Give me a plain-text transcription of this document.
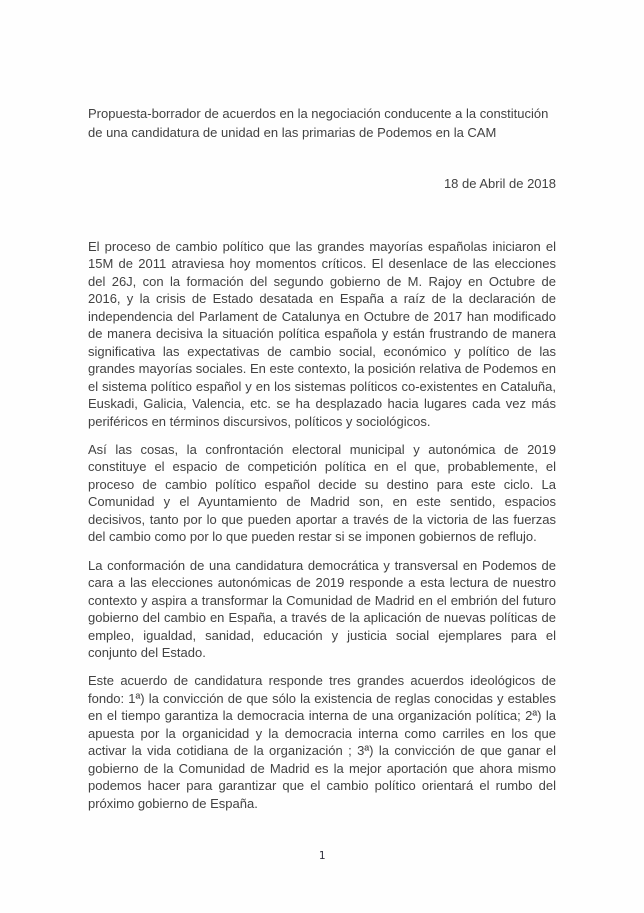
Propuesta-borrador de acuerdos en la negociación conducente a la constitución de una candidatura de unidad en las primarias de Podemos en la CAM
18 de Abril de 2018

El proceso de cambio político que las grandes mayorías españolas iniciaron el 15M de 2011 atraviesa hoy momentos críticos. El desenlace de las elecciones del 26J, con la formación del segundo gobierno de M. Rajoy en Octubre de 2016, y la crisis de Estado desatada en España a raíz de la declaración de independencia del Parlament de Catalunya en Octubre de 2017 han modificado de manera decisiva la situación política española y están frustrando de manera significativa las expectativas de cambio social, económico y político de las grandes mayorías sociales. En este contexto, la posición relativa de Podemos en el sistema político español y en los sistemas políticos co-existentes en Cataluña, Euskadi, Galicia, Valencia, etc. se ha desplazado hacia lugares cada vez más periféricos en términos discursivos, políticos y sociológicos.

Así las cosas, la confrontación electoral municipal y autonómica de 2019 constituye el espacio de competición política en el que, probablemente, el proceso de cambio político español decide su destino para este ciclo. La Comunidad y el Ayuntamiento de Madrid son, en este sentido, espacios decisivos, tanto por lo que pueden aportar a través de la victoria de las fuerzas del cambio como por lo que pueden restar si se imponen gobiernos de reflujo.

La conformación de una candidatura democrática y transversal en Podemos de cara a las elecciones autonómicas de 2019 responde a esta lectura de nuestro contexto y aspira a transformar la Comunidad de Madrid en el embrión del futuro gobierno del cambio en España, a través de la aplicación de nuevas políticas de empleo, igualdad, sanidad, educación y justicia social ejemplares para el conjunto del Estado.

Este acuerdo de candidatura responde tres grandes acuerdos ideológicos de fondo: 1ª) la convicción de que sólo la existencia de reglas conocidas y estables en el tiempo garantiza la democracia interna de una organización política; 2ª) la apuesta por la organicidad y la democracia interna como carriles en los que activar la vida cotidiana de la organización ; 3ª) la convicción de que ganar el gobierno de la Comunidad de Madrid es la mejor aportación que ahora mismo podemos hacer para garantizar que el cambio político orientará el rumbo del próximo gobierno de España.

1
